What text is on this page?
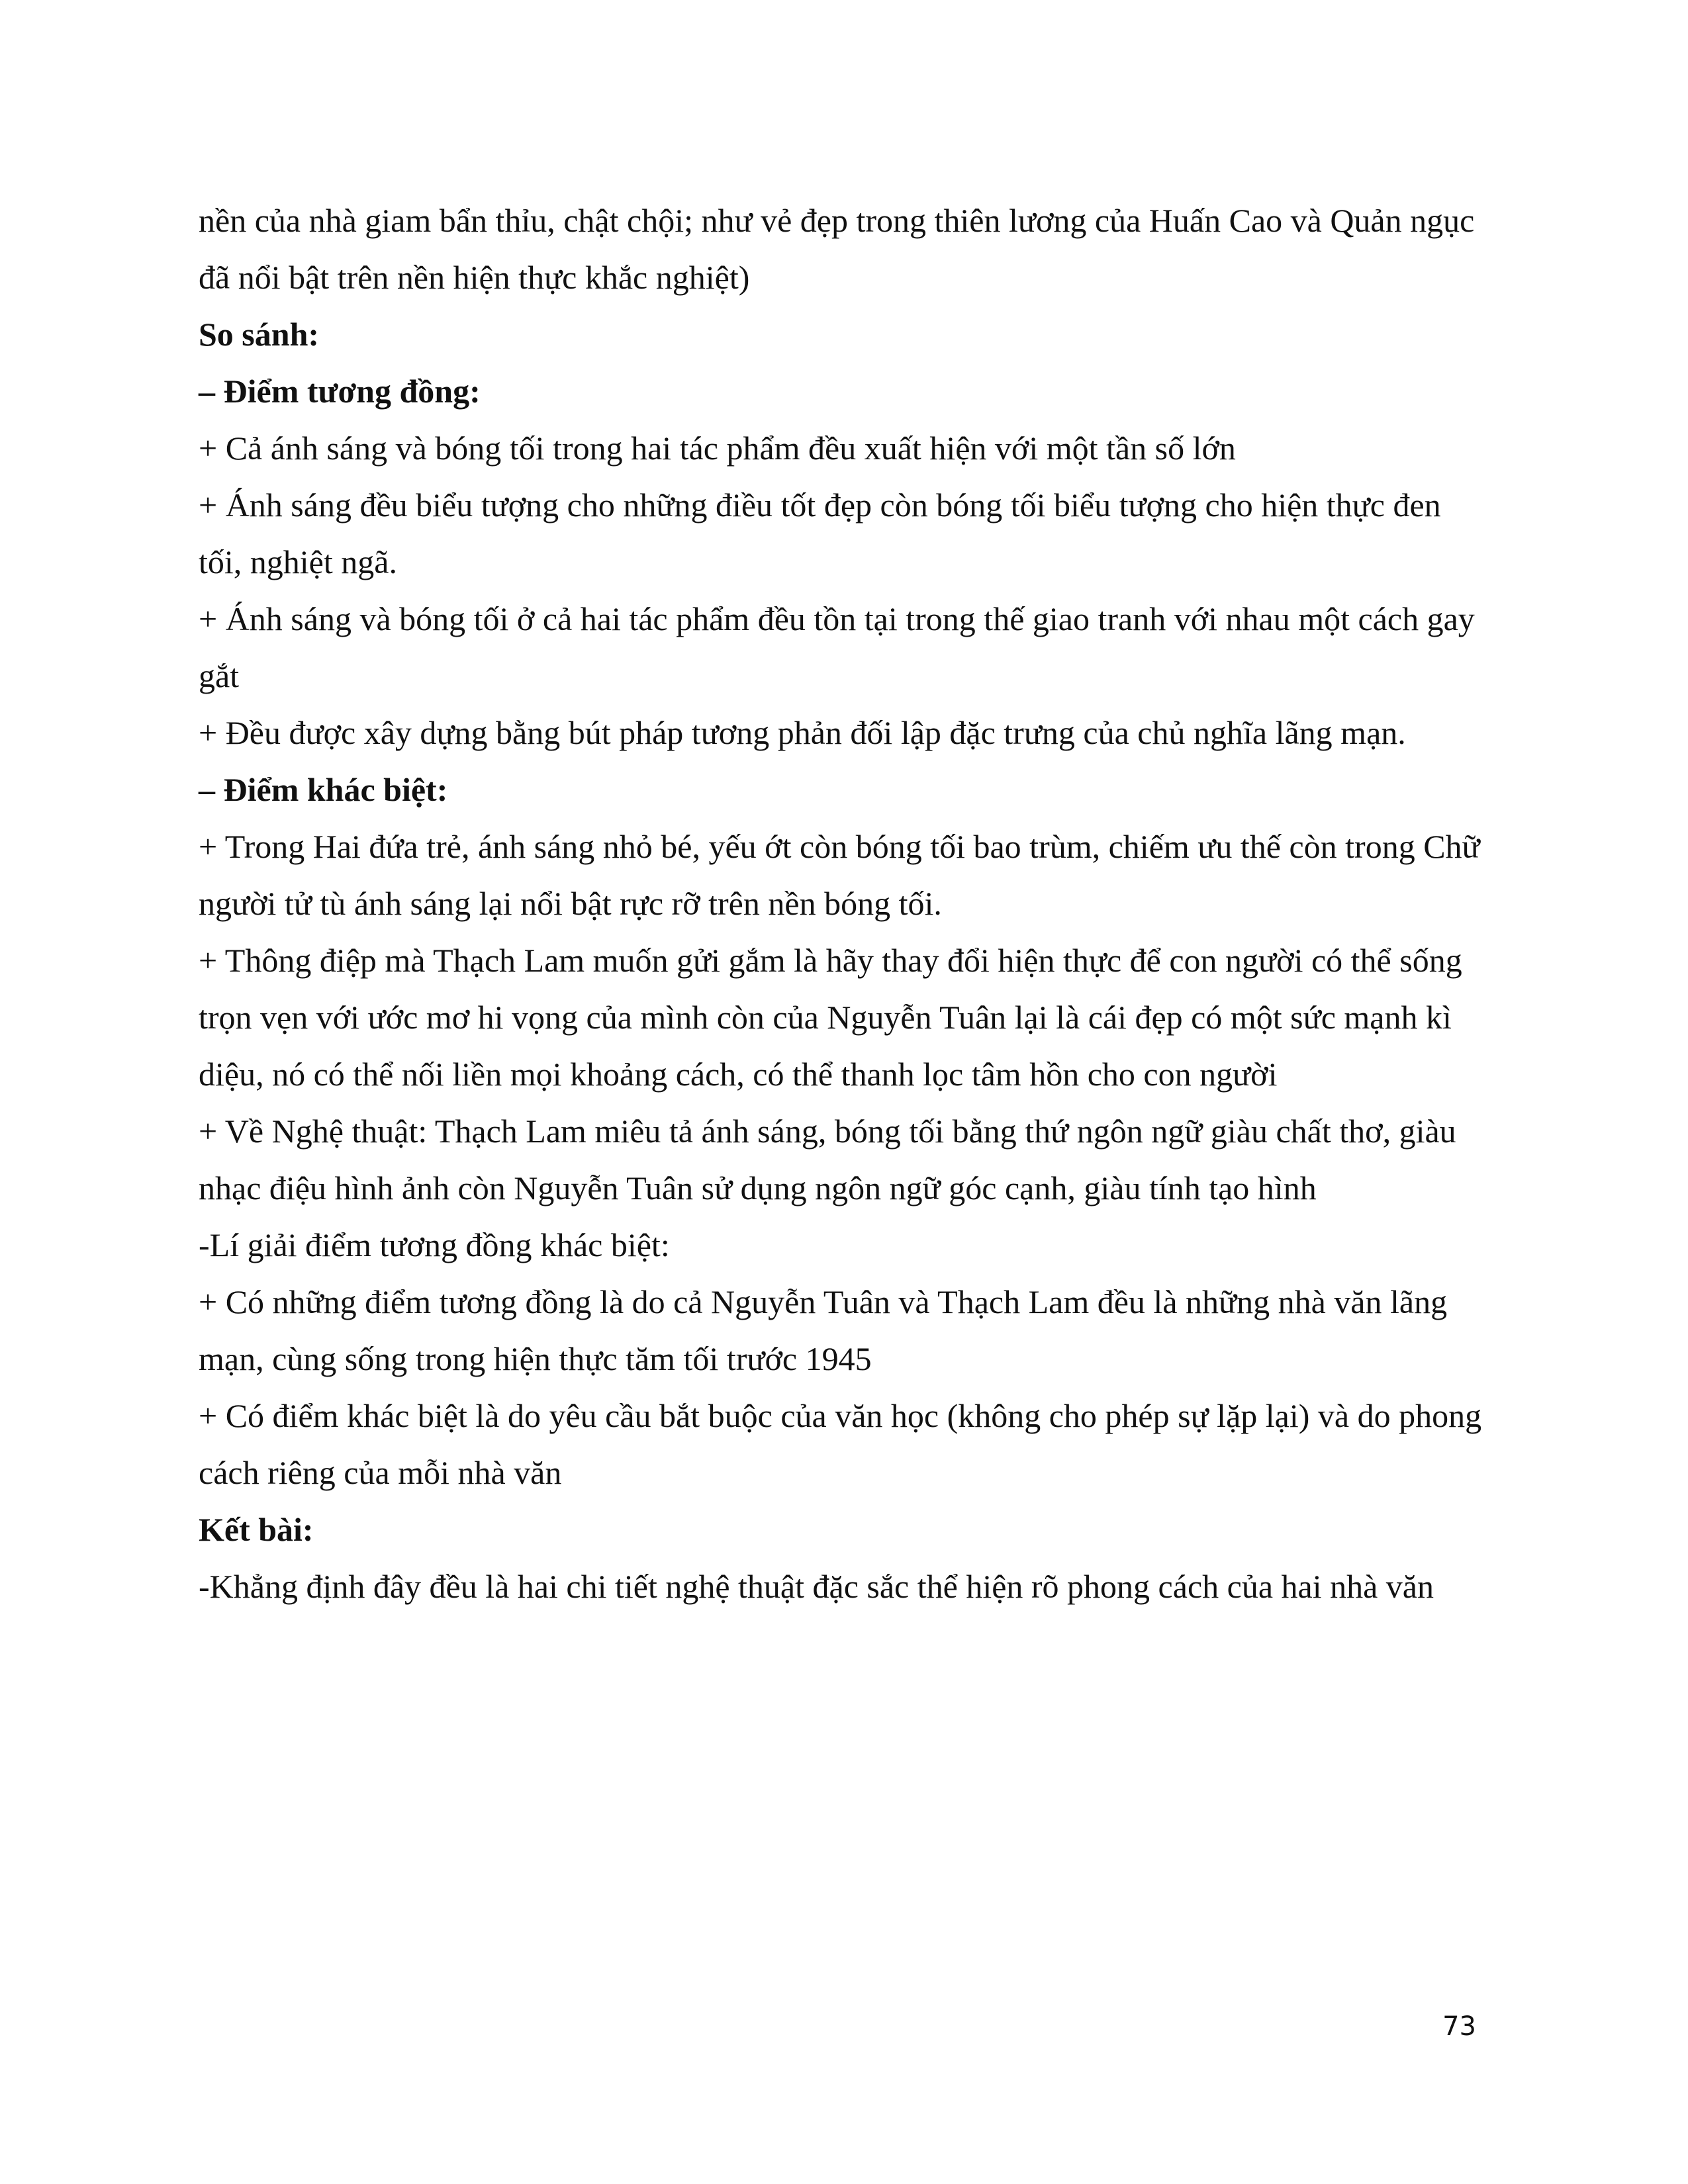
nền của nhà giam bẩn thỉu, chật chội; như vẻ đẹp trong thiên lương của Huấn Cao và Quản ngục
đã nổi bật trên nền hiện thực khắc nghiệt)
So sánh:
– Điểm tương đồng:
+ Cả ánh sáng và bóng tối trong hai tác phẩm đều xuất hiện với một tần số lớn
+ Ánh sáng đều biểu tượng cho những điều tốt đẹp còn bóng tối biểu tượng cho hiện thực đen
tối, nghiệt ngã.
+ Ánh sáng và bóng tối ở cả hai tác phẩm đều tồn tại trong thế giao tranh với nhau một cách gay
gắt
+ Đều được xây dựng bằng bút pháp tương phản đối lập đặc trưng của chủ nghĩa lãng mạn.
– Điểm khác biệt:
+ Trong Hai đứa trẻ, ánh sáng nhỏ bé, yếu ớt còn bóng tối bao trùm, chiếm ưu thế còn trong Chữ
người tử tù ánh sáng lại nổi bật rực rỡ trên nền bóng tối.
+ Thông điệp mà Thạch Lam muốn gửi gắm là hãy thay đổi hiện thực để con người có thể sống
trọn vẹn với ước mơ hi vọng của mình còn của Nguyễn Tuân lại là cái đẹp có một sức mạnh kì
diệu, nó có thể nối liền mọi khoảng cách, có thể thanh lọc tâm hồn cho con người
+ Về Nghệ thuật: Thạch Lam miêu tả ánh sáng, bóng tối bằng thứ ngôn ngữ giàu chất thơ, giàu
nhạc điệu hình ảnh còn Nguyễn Tuân sử dụng ngôn ngữ góc cạnh, giàu tính tạo hình
-Lí giải điểm tương đồng khác biệt:
+ Có những điểm tương đồng là do cả Nguyễn Tuân và Thạch Lam đều là những nhà văn lãng
mạn, cùng sống trong hiện thực tăm tối trước 1945
+ Có điểm khác biệt là do yêu cầu bắt buộc của văn học (không cho phép sự lặp lại) và do phong
cách riêng của mỗi nhà văn
Kết bài:
-Khẳng định đây đều là hai chi tiết nghệ thuật đặc sắc thể hiện rõ phong cách của hai nhà văn
73
